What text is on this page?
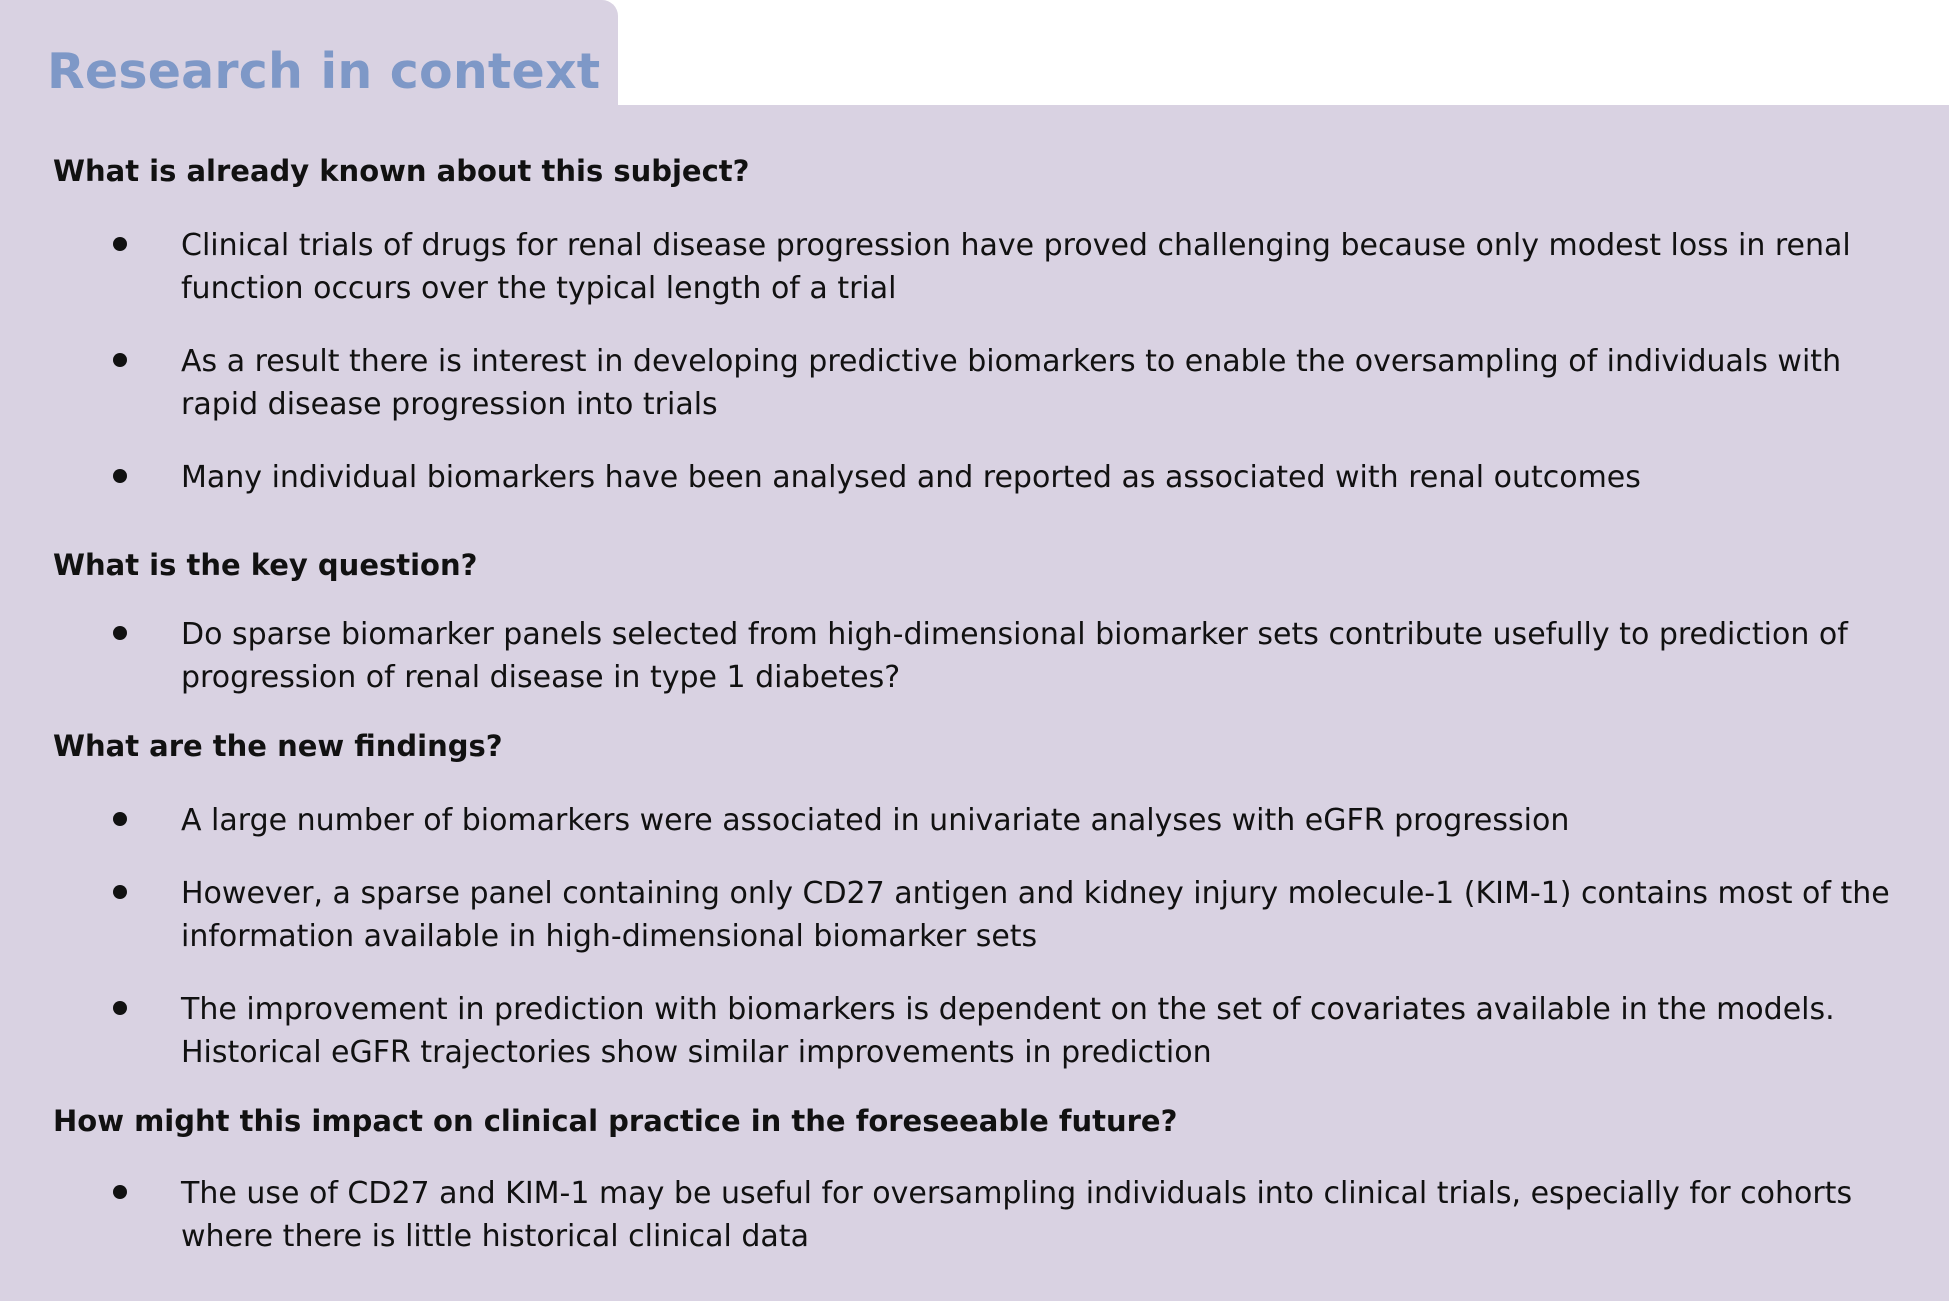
Research in context
What is already known about this subject?

Clinical trials of drugs for renal disease progression have proved challenging because only modest loss in renal function occurs over the typical length of a trial

As a result there is interest in developing predictive biomarkers to enable the oversampling of individuals with rapid disease progression into trials

Many individual biomarkers have been analysed and reported as associated with renal outcomes

What is the key question?

Do sparse biomarker panels selected from high-dimensional biomarker sets contribute usefully to prediction of progression of renal disease in type 1 diabetes?

What are the new findings?

A large number of biomarkers were associated in univariate analyses with eGFR progression

However, a sparse panel containing only CD27 antigen and kidney injury molecule-1 (KIM-1) contains most of the information available in high-dimensional biomarker sets

The improvement in prediction with biomarkers is dependent on the set of covariates available in the models. Historical eGFR trajectories show similar improvements in prediction

How might this impact on clinical practice in the foreseeable future?

The use of CD27 and KIM-1 may be useful for oversampling individuals into clinical trials, especially for cohorts where there is little historical clinical data
